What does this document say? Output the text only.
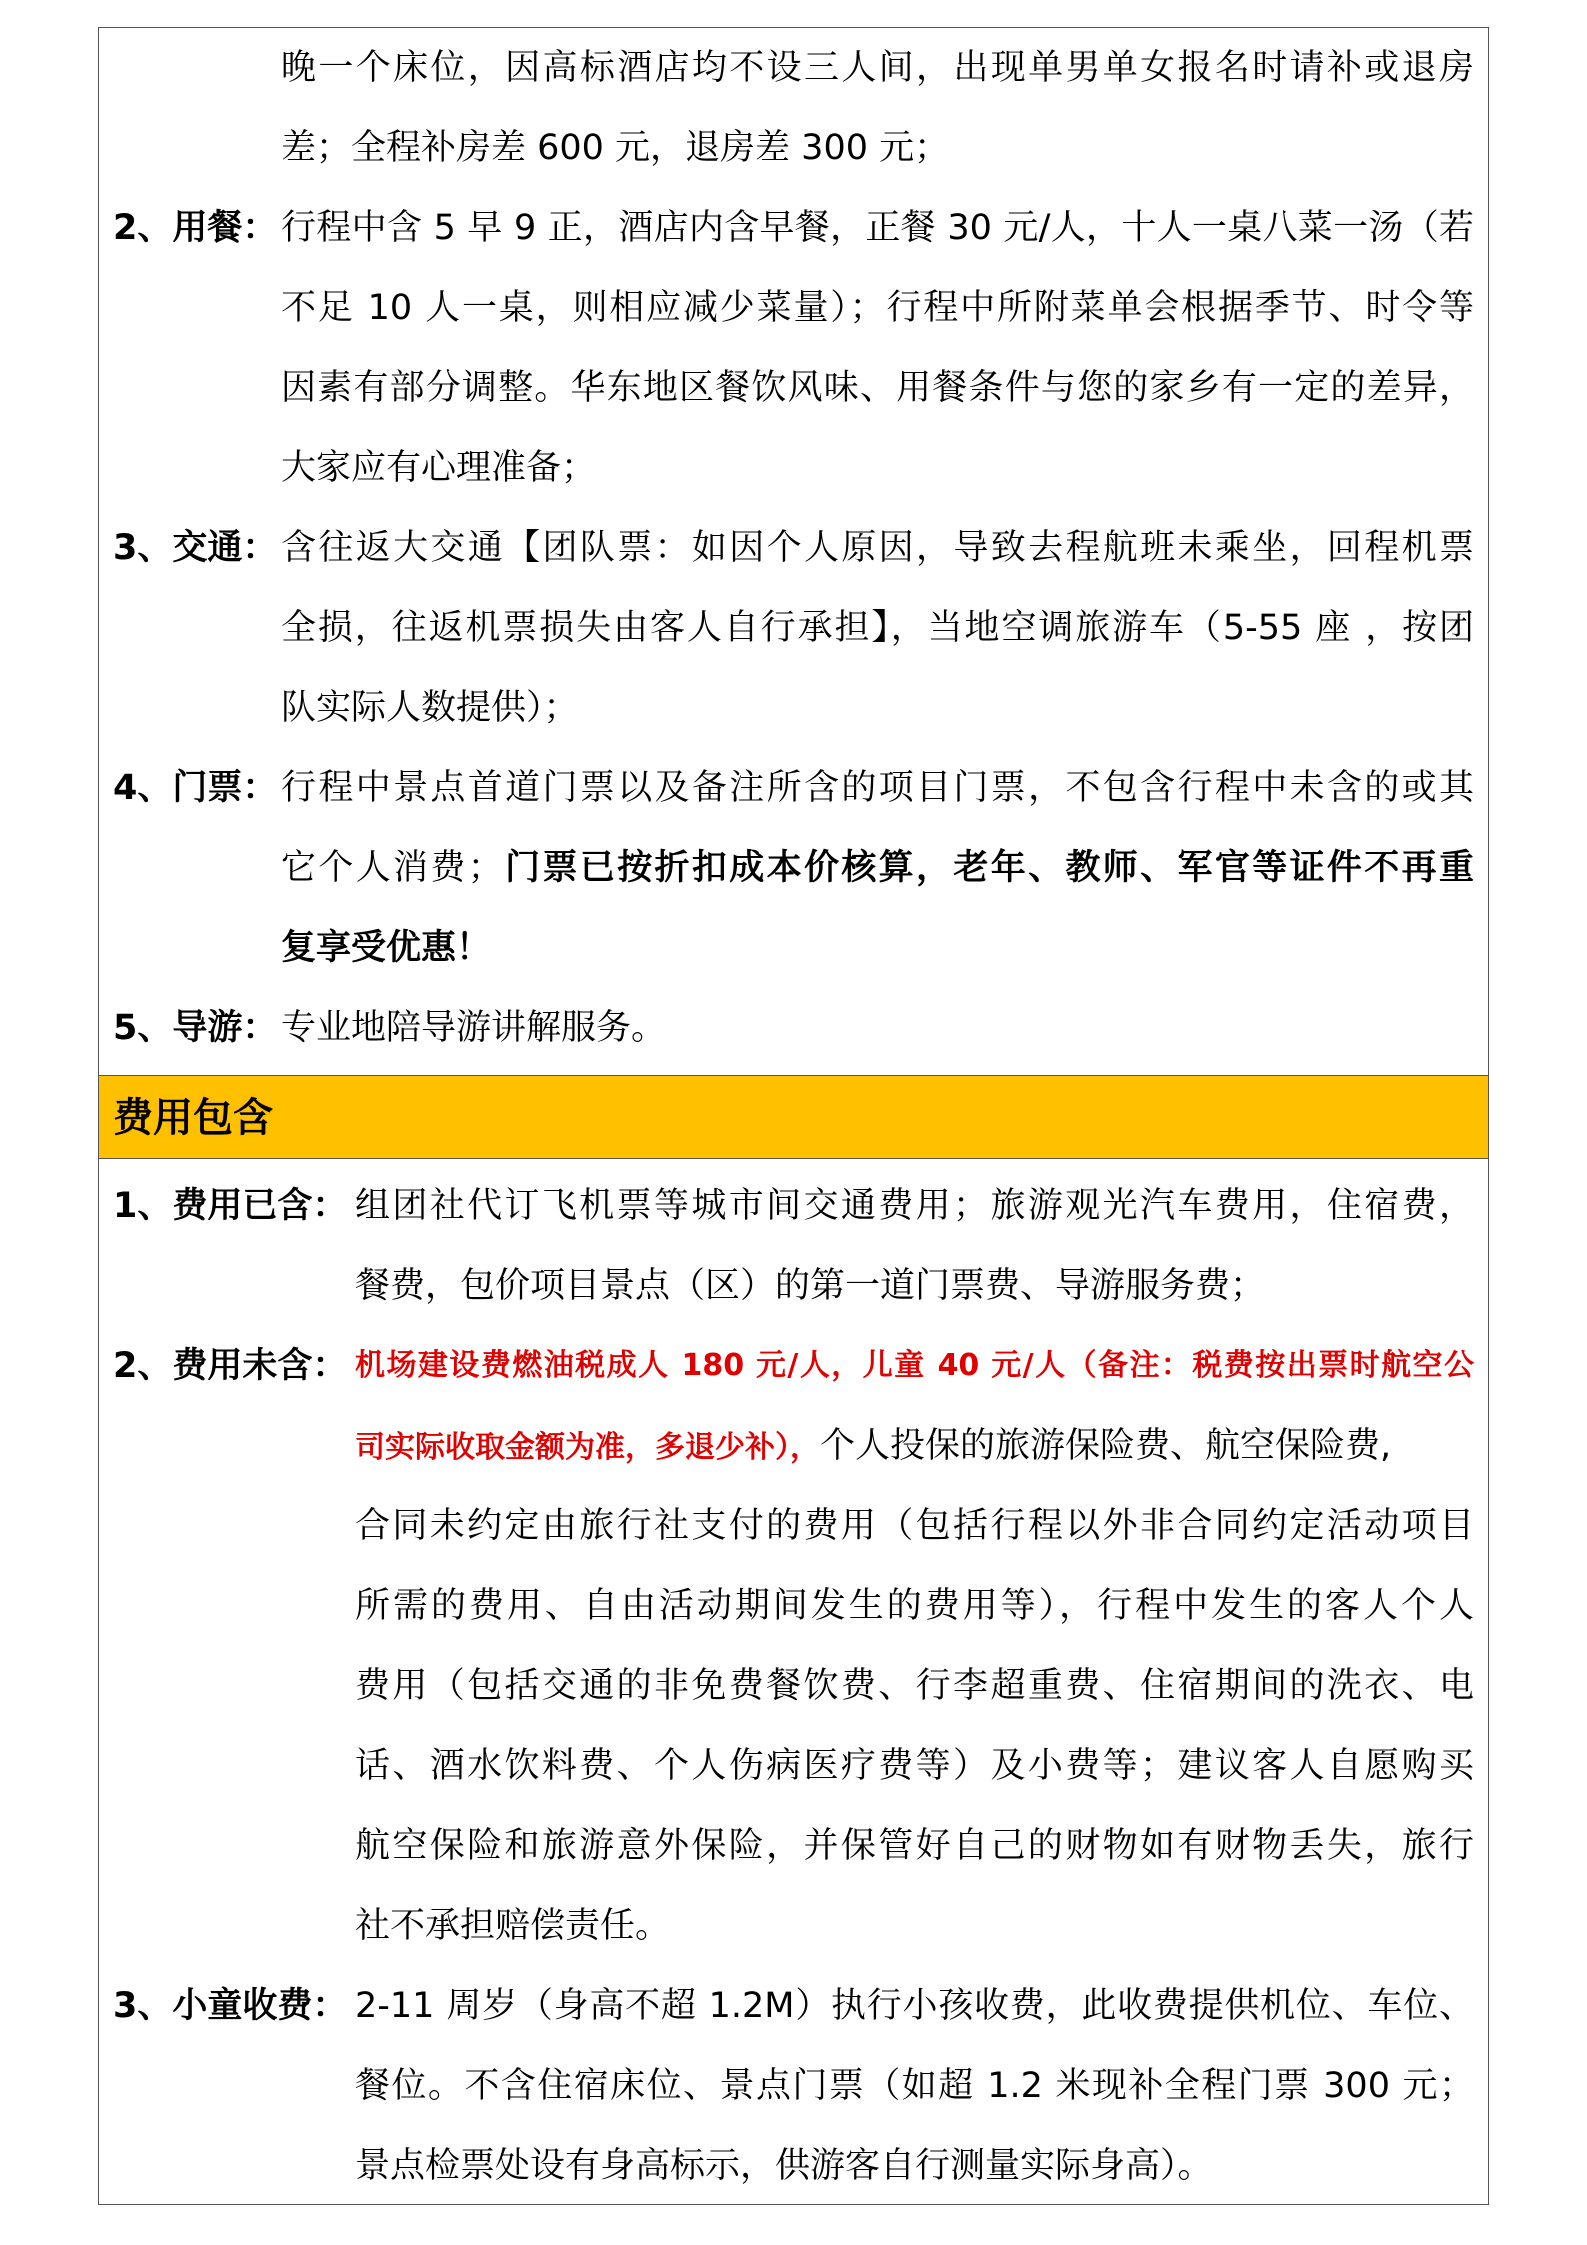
晚一个床位，因高标酒店均不设三人间，出现单男单女报名时请补或退房
差；全程补房差 600 元，退房差 300 元；
2、用餐： 行程中含 5 早 9 正，酒店内含早餐，正餐 30 元/人，十人一桌八菜一汤（若
不足 10 人一桌，则相应减少菜量）；行程中所附菜单会根据季节、时令等
因素有部分调整。华东地区餐饮风味、用餐条件与您的家乡有一定的差异，
大家应有心理准备；
3、交通： 含往返大交通【团队票：如因个人原因，导致去程航班未乘坐，回程机票
全损，往返机票损失由客人自行承担】，当地空调旅游车（5-55 座 ，按团
队实际人数提供）；
4、门票： 行程中景点首道门票以及备注所含的项目门票，不包含行程中未含的或其
它个人消费；门票已按折扣成本价核算，老年、教师、军官等证件不再重
复享受优惠！
5、导游： 专业地陪导游讲解服务。
费用包含
1、费用已含： 组团社代订飞机票等城市间交通费用；旅游观光汽车费用，住宿费，
餐费，包价项目景点（区）的第一道门票费、导游服务费；
2、费用未含： 机场建设费燃油税成人 180 元/人，儿童 40 元/人（备注：税费按出票时航空公
司实际收取金额为准，多退少补），个人投保的旅游保险费、航空保险费,
合同未约定由旅行社支付的费用（包括行程以外非合同约定活动项目
所需的费用、自由活动期间发生的费用等），行程中发生的客人个人
费用（包括交通的非免费餐饮费、行李超重费、住宿期间的洗衣、电
话、酒水饮料费、个人伤病医疗费等）及小费等；建议客人自愿购买
航空保险和旅游意外保险，并保管好自己的财物如有财物丢失，旅行
社不承担赔偿责任。
3、小童收费： 2-11 周岁（身高不超 1.2M）执行小孩收费，此收费提供机位、车位、
餐位。不含住宿床位、景点门票（如超 1.2 米现补全程门票 300 元；
景点检票处设有身高标示，供游客自行测量实际身高）。
